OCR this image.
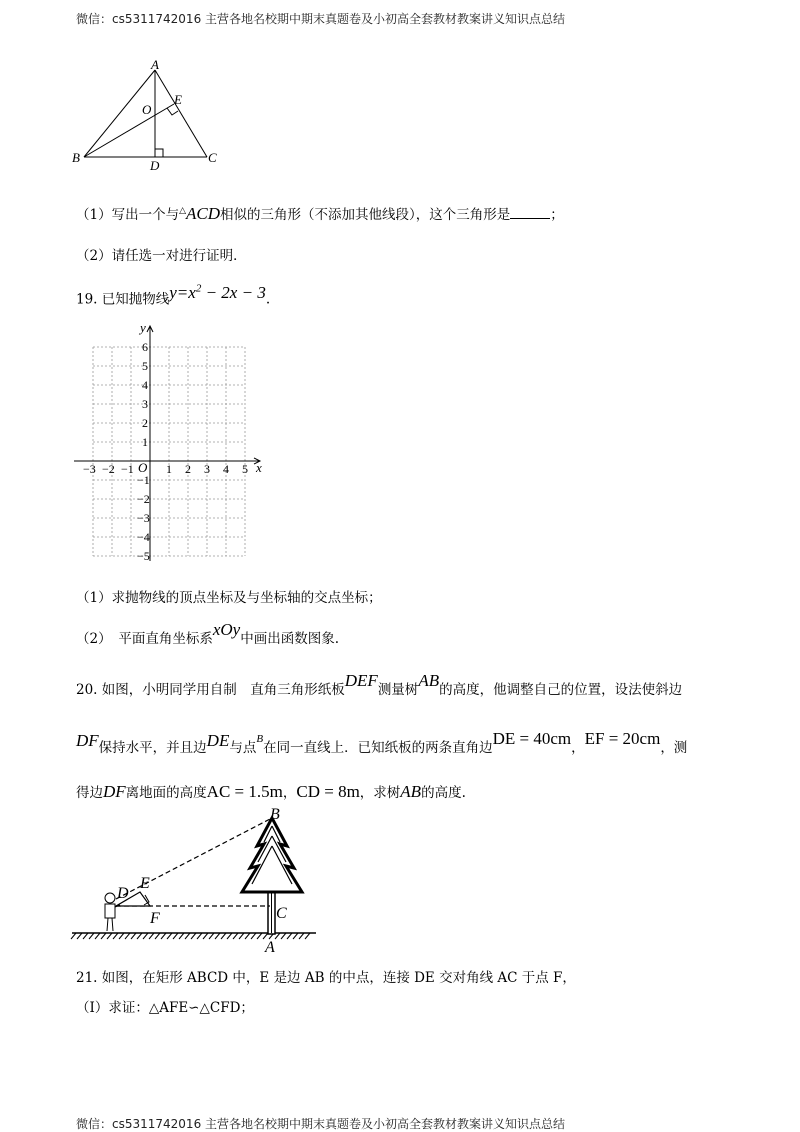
微信：cs5311742016 主营各地名校期中期末真题卷及小初高全套教材教案讲义知识点总结
A
O
E
B
D
C
（1）写出一个与△ACD相似的三角形（不添加其他线段），这个三角形是	；
（2）请任选一对进行证明．
19. 已知抛物线$y=x^2 - 2x - 3$.
−3 −2 −1	1 2 3 4 5
6
5
4
3
2
1
−1
−2
−3
−4
−5
x
y
O
（1）求抛物线的顶点坐标及与坐标轴的交点坐标；
（2）　平面直角坐标系xOy中画出函数图象.
20. 如图，小明同学用自制　直角三角形纸板DEF测量树AB的高度，他调整自己的位置，设法使斜边
DF保持水平，并且边DE与点$^B$在同一直线上．已知纸板的两条直角边DE = 40cm，EF = 20cm，测
得边DF离地面的高度AC = 1.5m，CD = 8m，求树AB的高度.
B
D
E
F	C
A
21. 如图，在矩形 ABCD 中，E 是边 AB 的中点，连接 DE 交对角线 AC 于点 F，
（Ⅰ）求证：△AFE∽△CFD；
微信：cs5311742016 主营各地名校期中期末真题卷及小初高全套教材教案讲义知识点总结
